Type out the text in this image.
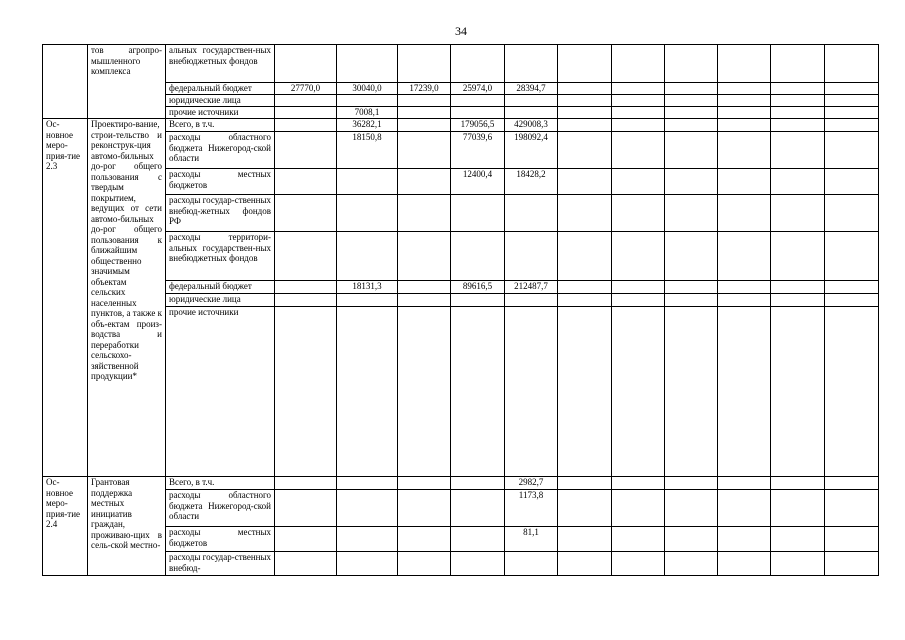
34
	тов агропро-мышленного комплекса	альных государствен-ных внебюджетных фондов											
		федеральный бюджет	27770,0	30040,0	17239,0	25974,0	28394,7						
		юридические лица											
		прочие источники		7008,1									
Ос-новное меро-прия-тие 2.3	Проектиро-вание, строи-тельство и реконструк-ция автомо-бильных до-рог общего пользования с твердым покрытием, ведущих от сети автомо-бильных до-рог общего пользования к ближайшим общественно значимым объектам сельских населенных пунктов, а также к объ-ектам произ-водства и переработки сельскохо-зяйственной продукции*	Всего, в т.ч.		36282,1		179056,5	429008,3						
		расходы областного бюджета Нижегород-ской области		18150,8		77039,6	198092,4						
		расходы местных бюджетов				12400,4	18428,2						
		расходы государ-ственных внебюд-жетных фондов РФ											
		расходы территори-альных государствен-ных внебюджетных фондов											
		федеральный бюджет		18131,3		89616,5	212487,7						
		юридические лица											
		прочие источники											
Ос-новное меро-прия-тие 2.4	Грантовая поддержка местных инициатив граждан, проживаю-щих в сель-ской местно-	Всего, в т.ч.					2982,7						
		расходы областного бюджета Нижегород-ской области					1173,8						
		расходы местных бюджетов					81,1						
		расходы государ-ственных внебюд-											
